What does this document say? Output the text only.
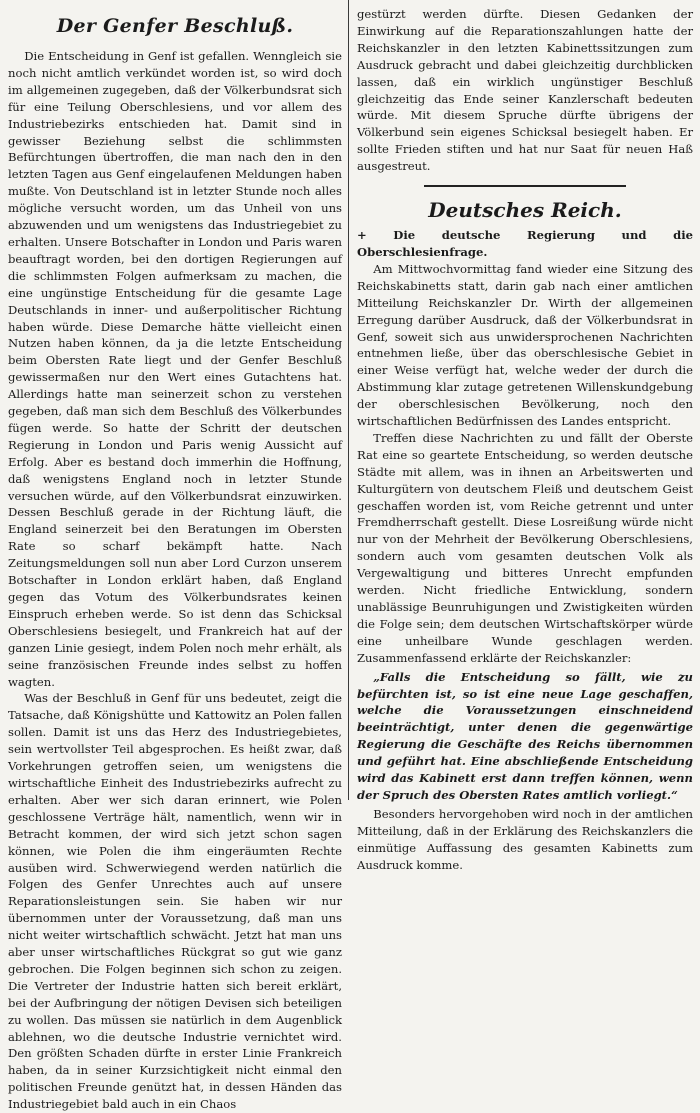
Der Genfer Beschluß.

Die Entscheidung in Genf ist gefallen. Wenngleich sie noch nicht amtlich verkündet worden ist, so wird doch im allgemeinen zugegeben, daß der Völkerbundsrat sich für eine Teilung Oberschlesiens, und vor allem des Industriebezirks entschieden hat. Damit sind in gewisser Beziehung selbst die schlimmsten Befürchtungen übertroffen, die man nach den in den letzten Tagen aus Genf eingelaufenen Meldungen haben mußte. Von Deutschland ist in letzter Stunde noch alles mögliche versucht worden, um das Unheil von uns abzuwenden und um wenigstens das Industriegebiet zu erhalten. Unsere Botschafter in London und Paris waren beauftragt worden, bei den dortigen Regierungen auf die schlimmsten Folgen aufmerksam zu machen, die eine ungünstige Entscheidung für die gesamte Lage Deutschlands in inner- und außerpolitischer Richtung haben würde. Diese Demarche hätte vielleicht einen Nutzen haben können, da ja die letzte Entscheidung beim Obersten Rate liegt und der Genfer Beschluß gewissermaßen nur den Wert eines Gutachtens hat. Allerdings hatte man seinerzeit schon zu verstehen gegeben, daß man sich dem Beschluß des Völkerbundes fügen werde. So hatte der Schritt der deutschen Regierung in London und Paris wenig Aussicht auf Erfolg. Aber es bestand doch immerhin die Hoffnung, daß wenigstens England noch in letzter Stunde versuchen würde, auf den Völkerbundsrat einzuwirken. Dessen Beschluß gerade in der Richtung läuft, die England seinerzeit bei den Beratungen im Obersten Rate so scharf bekämpft hatte. Nach Zeitungsmeldungen soll nun aber Lord Curzon unserem Botschafter in London erklärt haben, daß England gegen das Votum des Völkerbundsrates keinen Einspruch erheben werde. So ist denn das Schicksal Oberschlesiens besiegelt, und Frankreich hat auf der ganzen Linie gesiegt, indem Polen noch mehr erhält, als seine französischen Freunde indes selbst zu hoffen wagten.

Was der Beschluß in Genf für uns bedeutet, zeigt die Tatsache, daß Königshütte und Kattowitz an Polen fallen sollen. Damit ist uns das Herz des Industriegebietes, sein wertvollster Teil abgesprochen. Es heißt zwar, daß Vorkehrungen getroffen seien, um wenigstens die wirtschaftliche Einheit des Industriebezirks aufrecht zu erhalten. Aber wer sich daran erinnert, wie Polen geschlossene Verträge hält, namentlich, wenn wir in Betracht kommen, der wird sich jetzt schon sagen können, wie Polen die ihm eingeräumten Rechte ausüben wird. Schwerwiegend werden natürlich die Folgen des Genfer Unrechtes auch auf unsere Reparationsleistungen sein. Sie haben wir nur übernommen unter der Voraussetzung, daß man uns nicht weiter wirtschaftlich schwächt. Jetzt hat man uns aber unser wirtschaftliches Rückgrat so gut wie ganz gebrochen. Die Folgen beginnen sich schon zu zeigen. Die Vertreter der Industrie hatten sich bereit erklärt, bei der Aufbringung der nötigen Devisen sich beteiligen zu wollen. Das müssen sie natürlich in dem Augenblick ablehnen, wo die deutsche Industrie vernichtet wird. Den größten Schaden dürfte in erster Linie Frankreich haben, da in seiner Kurzsichtigkeit nicht einmal den politischen Freunde genützt hat, in dessen Händen das Industriegebiet bald auch in ein Chaos

gestürzt werden dürfte. Diesen Gedanken der Einwirkung auf die Reparationszahlungen hatte der Reichskanzler in den letzten Kabinettssitzungen zum Ausdruck gebracht und dabei gleichzeitig durchblicken lassen, daß ein wirklich ungünstiger Beschluß gleichzeitig das Ende seiner Kanzlerschaft bedeuten würde. Mit diesem Spruche dürfte übrigens der Völkerbund sein eigenes Schicksal besiegelt haben. Er sollte Frieden stiften und hat nur Saat für neuen Haß ausgestreut.

Deutsches Reich.

+ Die deutsche Regierung und die Oberschlesienfrage.

Am Mittwochvormittag fand wieder eine Sitzung des Reichskabinetts statt, darin gab nach einer amtlichen Mitteilung Reichskanzler Dr. Wirth der allgemeinen Erregung darüber Ausdruck, daß der Völkerbundsrat in Genf, soweit sich aus unwidersprochenen Nachrichten entnehmen ließe, über das oberschlesische Gebiet in einer Weise verfügt hat, welche weder der durch die Abstimmung klar zutage getretenen Willenskundgebung der oberschlesischen Bevölkerung, noch den wirtschaftlichen Bedürfnissen des Landes entspricht.

Treffen diese Nachrichten zu und fällt der Oberste Rat eine so geartete Entscheidung, so werden deutsche Städte mit allem, was in ihnen an Arbeitswerten und Kulturgütern von deutschem Fleiß und deutschem Geist geschaffen worden ist, vom Reiche getrennt und unter Fremdherrschaft gestellt. Diese Losreißung würde nicht nur von der Mehrheit der Bevölkerung Oberschlesiens, sondern auch vom gesamten deutschen Volk als Vergewaltigung und bitteres Unrecht empfunden werden. Nicht friedliche Entwicklung, sondern unablässige Beunruhigungen und Zwistigkeiten würden die Folge sein; dem deutschen Wirtschaftskörper würde eine unheilbare Wunde geschlagen werden. Zusammenfassend erklärte der Reichskanzler:

„Falls die Entscheidung so fällt, wie zu befürchten ist, so ist eine neue Lage geschaffen, welche die Voraussetzungen einschneidend beeinträchtigt, unter denen die gegenwärtige Regierung die Geschäfte des Reichs übernommen und geführt hat. Eine abschließende Entscheidung wird das Kabinett erst dann treffen können, wenn der Spruch des Obersten Rates amtlich vorliegt.“

Besonders hervorgehoben wird noch in der amtlichen Mitteilung, daß in der Erklärung des Reichskanzlers die einmütige Auffassung des gesamten Kabinetts zum Ausdruck komme.
